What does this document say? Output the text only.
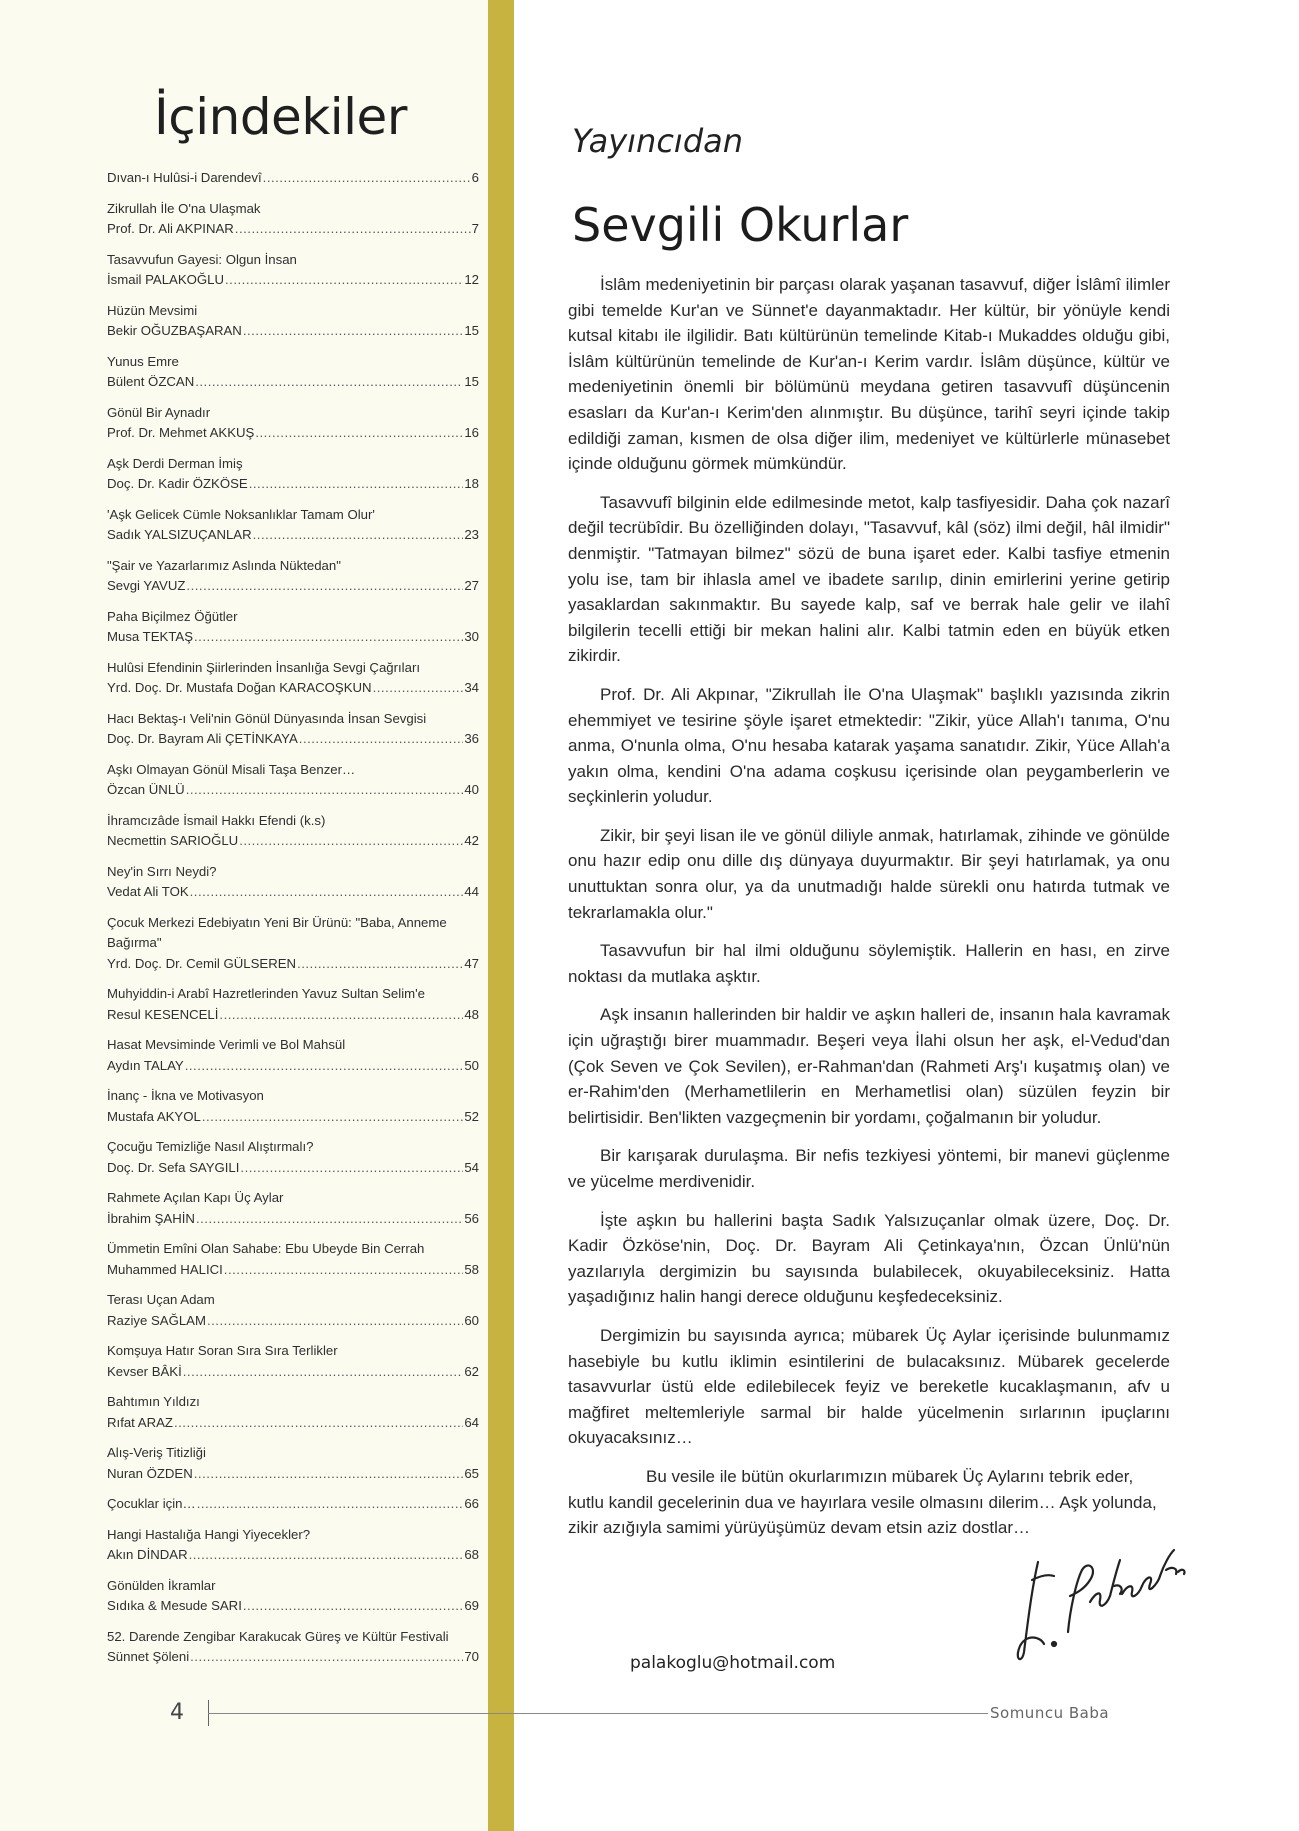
İçindekiler
Dıvan-ı Hulûsi-i Darendevî .....	6
Zikrullah İle O'na Ulaşmak
Prof. Dr. Ali AKPINAR .....	7
Tasavvufun Gayesi: Olgun İnsan
İsmail PALAKOĞLU .....	12
Hüzün Mevsimi
Bekir OĞUZBAŞARAN .....	15
Yunus Emre
Bülent ÖZCAN .....	15
Gönül Bir Aynadır
Prof. Dr. Mehmet AKKUŞ .....	16
Aşk Derdi Derman İmiş
Doç. Dr. Kadir ÖZKÖSE .....	18
'Aşk Gelicek Cümle Noksanlıklar Tamam Olur'
Sadık YALSIZUÇANLAR .....	23
"Şair ve Yazarlarımız Aslında Nüktedan"
Sevgi YAVUZ .....	27
Paha Biçilmez Öğütler
Musa TEKTAŞ .....	30
Hulûsi Efendinin Şiirlerinden İnsanlığa Sevgi Çağrıları
Yrd. Doç. Dr. Mustafa Doğan KARACOŞKUN .....	34
Hacı Bektaş-ı Veli'nin Gönül Dünyasında İnsan Sevgisi
Doç. Dr. Bayram Ali ÇETİNKAYA .....	36
Aşkı Olmayan Gönül Misali Taşa Benzer…
Özcan ÜNLÜ .....	40
İhramcızâde İsmail Hakkı Efendi (k.s)
Necmettin SARIOĞLU .....	42
Ney'in Sırrı Neydi?
Vedat Ali TOK .....	44
Çocuk Merkezi Edebiyatın Yeni Bir Ürünü: "Baba, Anneme
Bağırma"
Yrd. Doç. Dr. Cemil GÜLSEREN .....	47
Muhyiddin-i Arabî Hazretlerinden Yavuz Sultan Selim'e
Resul KESENCELİ .....	48
Hasat Mevsiminde Verimli ve Bol Mahsül
Aydın TALAY .....	50
İnanç - İkna ve Motivasyon
Mustafa AKYOL .....	52
Çocuğu Temizliğe Nasıl Alıştırmalı?
Doç. Dr. Sefa SAYGILI .....	54
Rahmete Açılan Kapı Üç Aylar
İbrahim ŞAHİN .....	56
Ümmetin Emîni Olan Sahabe: Ebu Ubeyde Bin Cerrah
Muhammed HALICI .....	58
Terası Uçan Adam
Raziye SAĞLAM .....	60
Komşuya Hatır Soran Sıra Sıra Terlikler
Kevser BÂKİ .....	62
Bahtımın Yıldızı
Rıfat ARAZ .....	64
Alış-Veriş Titizliği
Nuran ÖZDEN .....	65
Çocuklar için… .....	66
Hangi Hastalığa Hangi Yiyecekler?
Akın DİNDAR .....	68
Gönülden İkramlar
Sıdıka & Mesude SARI .....	69
52. Darende Zengibar Karakucak Güreş ve Kültür Festivali
Sünnet Şöleni .....	70
Yayıncıdan
Sevgili Okurlar

İslâm medeniyetinin bir parçası olarak yaşanan tasavvuf, diğer İslâmî ilimler gibi temelde Kur'an ve Sünnet'e dayanmaktadır. Her kültür, bir yönüyle kendi kutsal kitabı ile ilgilidir. Batı kültürünün temelinde Kitab-ı Mukaddes olduğu gibi, İslâm kültürünün temelinde de Kur'an-ı Kerim vardır. İslâm düşünce, kültür ve medeniyetinin önemli bir bölümünü meydana getiren tasavvufî düşüncenin esasları da Kur'an-ı Kerim'den alınmıştır. Bu düşünce, tarihî seyri içinde takip edildiği zaman, kısmen de olsa diğer ilim, medeniyet ve kültürlerle münasebet içinde olduğunu görmek mümkündür.

Tasavvufî bilginin elde edilmesinde metot, kalp tasfiyesidir. Daha çok nazarî değil tecrübîdir. Bu özelliğinden dolayı, "Tasavvuf, kâl (söz) ilmi değil, hâl ilmidir" denmiştir. "Tatmayan bilmez" sözü de buna işaret eder. Kalbi tasfiye etmenin yolu ise, tam bir ihlasla amel ve ibadete sarılıp, dinin emirlerini yerine getirip yasaklardan sakınmaktır. Bu sayede kalp, saf ve berrak hale gelir ve ilahî bilgilerin tecelli ettiği bir mekan halini alır. Kalbi tatmin eden en büyük etken zikirdir.

Prof. Dr. Ali Akpınar, "Zikrullah İle O'na Ulaşmak" başlıklı yazısında zikrin ehemmiyet ve tesirine şöyle işaret etmektedir: "Zikir, yüce Allah'ı tanıma, O'nu anma, O'nunla olma, O'nu hesaba katarak yaşama sanatıdır. Zikir, Yüce Allah'a yakın olma, kendini O'na adama coşkusu içerisinde olan peygamberlerin ve seçkinlerin yoludur.

Zikir, bir şeyi lisan ile ve gönül diliyle anmak, hatırlamak, zihinde ve gönülde onu hazır edip onu dille dış dünyaya duyurmaktır. Bir şeyi hatırlamak, ya onu unuttuktan sonra olur, ya da unutmadığı halde sürekli onu hatırda tutmak ve tekrarlamakla olur."

Tasavvufun bir hal ilmi olduğunu söylemiştik. Hallerin en hası, en zirve noktası da mutlaka aşktır.

Aşk insanın hallerinden bir haldir ve aşkın halleri de, insanın hala kavramak için uğraştığı birer muammadır. Beşeri veya İlahi olsun her aşk, el-Vedud'dan (Çok Seven ve Çok Sevilen), er-Rahman'dan (Rahmeti Arş'ı kuşatmış olan) ve er-Rahim'den (Merhametlilerin en Merhametlisi olan) süzülen feyzin bir belirtisidir. Ben'likten vazgeçmenin bir yordamı, çoğalmanın bir yoludur.

Bir karışarak durulaşma. Bir nefis tezkiyesi yöntemi, bir manevi güçlenme ve yücelme merdivenidir.

İşte aşkın bu hallerini başta Sadık Yalsızuçanlar olmak üzere, Doç. Dr. Kadir Özköse'nin, Doç. Dr. Bayram Ali Çetinkaya'nın, Özcan Ünlü'nün yazılarıyla dergimizin bu sayısında bulabilecek, okuyabileceksiniz. Hatta yaşadığınız halin hangi derece olduğunu keşfedeceksiniz.

Dergimizin bu sayısında ayrıca; mübarek Üç Aylar içerisinde bulunmamız hasebiyle bu kutlu iklimin esintilerini de bulacaksınız. Mübarek gecelerde tasavvurlar üstü elde edilebilecek feyiz ve bereketle kucaklaşmanın, afv u mağfiret meltemleriyle sarmal bir halde yücelmenin sırlarının ipuçlarını okuyacaksınız…

Bu vesile ile bütün okurlarımızın mübarek Üç Aylarını tebrik eder, kutlu kandil gecelerinin dua ve hayırlara vesile olmasını dilerim… Aşk yolunda, zikir azığıyla samimi yürüyüşümüz devam etsin aziz dostlar…

palakoglu@hotmail.com
4	Somuncu Baba
